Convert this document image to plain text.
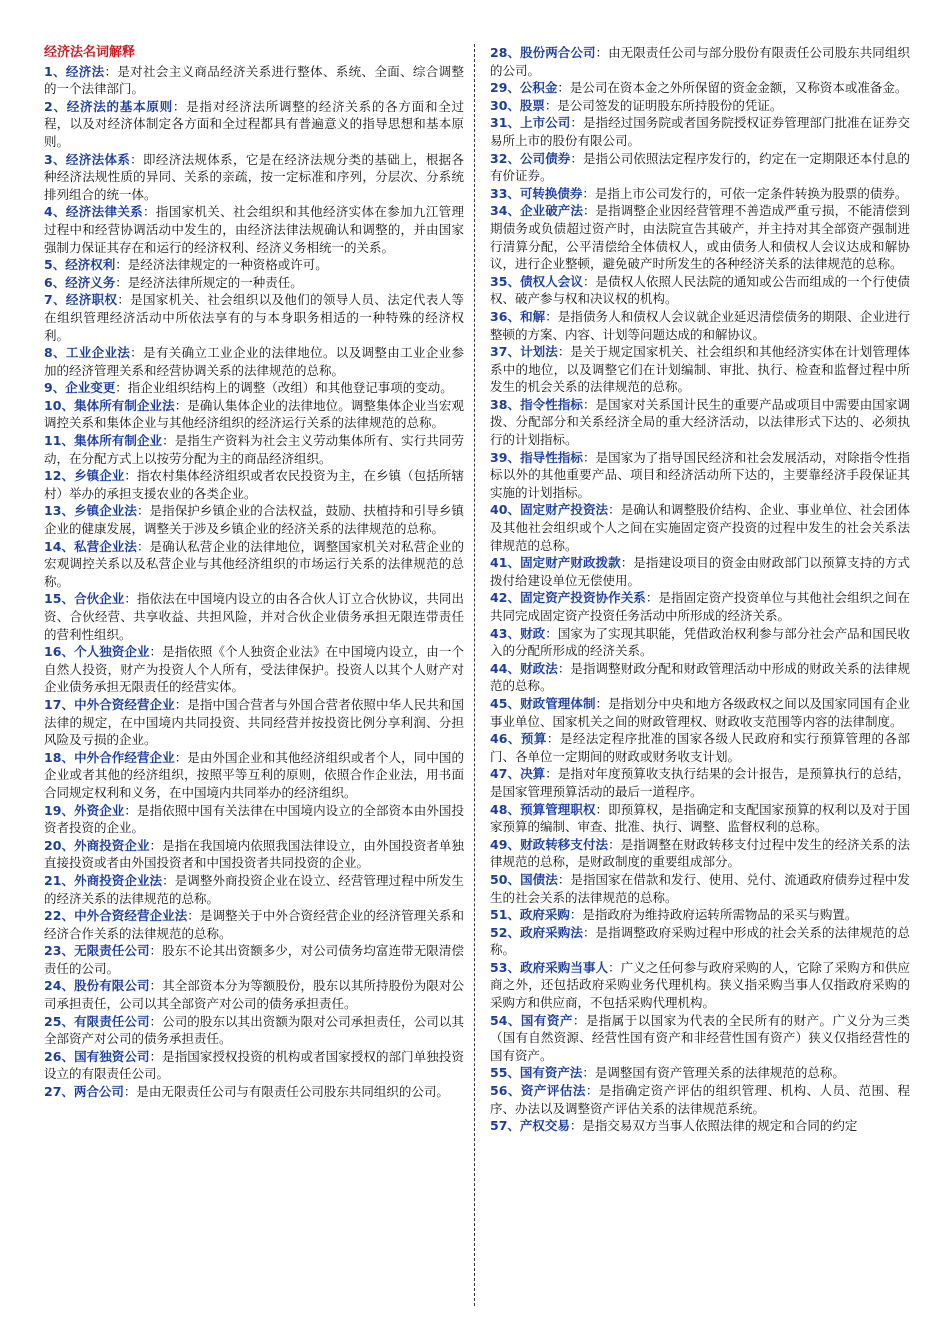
经济法名词解释

1、经济法：是对社会主义商品经济关系进行整体、系统、全面、综合调整的一个法律部门。

2、经济法的基本原则：是指对经济法所调整的经济关系的各方面和全过程，以及对经济体制定各方面和全过程都具有普遍意义的指导思想和基本原则。

3、经济法体系：即经济法规体系，它是在经济法规分类的基础上，根据各种经济法规性质的异同、关系的亲疏，按一定标准和序列，分层次、分系统排列组合的统一体。

4、经济法律关系：指国家机关、社会组织和其他经济实体在参加九江管理过程中和经营协调活动中发生的，由经济法律法规确认和调整的，并由国家强制力保证其存在和运行的经济权利、经济义务相统一的关系。

5、经济权利：是经济法律规定的一种资格或许可。

6、经济义务：是经济法律所规定的一种责任。

7、经济职权：是国家机关、社会组织以及他们的领导人员、法定代表人等在组织管理经济活动中所依法享有的与本身职务相适的一种特殊的经济权利。

8、工业企业法：是有关确立工业企业的法律地位。以及调整由工业企业参加的经济管理关系和经营协调关系的法律规范的总称。

9、企业变更：指企业组织结构上的调整（改组）和其他登记事项的变动。

10、集体所有制企业法：是确认集体企业的法律地位。调整集体企业当宏观调控关系和集体企业与其他经济组织的经济运行关系的法律规范的总称。

11、集体所有制企业：是指生产资料为社会主义劳动集体所有、实行共同劳动，在分配方式上以按劳分配为主的商品经济组织。

12、乡镇企业：指农村集体经济组织或者农民投资为主，在乡镇（包括所辖村）举办的承担支援农业的各类企业。

13、乡镇企业法：是指保护乡镇企业的合法权益，鼓励、扶植持和引导乡镇企业的健康发展，调整关于涉及乡镇企业的经济关系的法律规范的总称。

14、私营企业法：是确认私营企业的法律地位，调整国家机关对私营企业的宏观调控关系以及私营企业与其他经济组织的市场运行关系的法律规范的总称。

15、合伙企业：指依法在中国境内设立的由各合伙人订立合伙协议，共同出资、合伙经营、共享收益、共担风险，并对合伙企业债务承担无限连带责任的营利性组织。

16、个人独资企业：是指依照《个人独资企业法》在中国境内设立，由一个自然人投资，财产为投资人个人所有，受法律保护。投资人以其个人财产对企业债务承担无限责任的经营实体。

17、中外合资经营企业：是指中国合营者与外国合营者依照中华人民共和国法律的规定，在中国境内共同投资、共同经营并按投资比例分享利润、分担风险及亏损的企业。

18、中外合作经营企业：是由外国企业和其他经济组织或者个人，同中国的企业或者其他的经济组织，按照平等互利的原则，依照合作企业法，用书面合同规定权利和义务，在中国境内共同举办的经济组织。

19、外资企业：是指依照中国有关法律在中国境内设立的全部资本由外国投资者投资的企业。

20、外商投资企业：是指在我国境内依照我国法律设立，由外国投资者单独直接投资或者由外国投资者和中国投资者共同投资的企业。

21、外商投资企业法：是调整外商投资企业在设立、经营管理过程中所发生的经济关系的法律规范的总称。

22、中外合资经营企业法：是调整关于中外合资经营企业的经济管理关系和经济合作关系的法律规范的总称。

23、无限责任公司：股东不论其出资额多少，对公司债务均富连带无限清偿责任的公司。

24、股份有限公司：其全部资本分为等额股份，股东以其所持股份为限对公司承担责任，公司以其全部资产对公司的债务承担责任。

25、有限责任公司：公司的股东以其出资额为限对公司承担责任，公司以其全部资产对公司的债务承担责任。

26、国有独资公司：是指国家授权投资的机构或者国家授权的部门单独投资设立的有限责任公司。

27、两合公司：是由无限责任公司与有限责任公司股东共同组织的公司。

28、股份两合公司：由无限责任公司与部分股份有限责任公司股东共同组织的公司。

29、公积金：是公司在资本金之外所保留的资金金额，又称资本或准备金。

30、股票：是公司签发的证明股东所持股份的凭证。

31、上市公司：是指经过国务院或者国务院授权证券管理部门批准在证券交易所上市的股份有限公司。

32、公司债券：是指公司依照法定程序发行的，约定在一定期限还本付息的有价证券。

33、可转换债券：是指上市公司发行的，可依一定条件转换为股票的债券。

34、企业破产法：是指调整企业因经营管理不善造成严重亏损，不能清偿到期债务或负债超过资产时，由法院宣告其破产，并主持对其全部资产强制进行清算分配，公平清偿给全体债权人，或由债务人和债权人会议达成和解协议，进行企业整顿，避免破产时所发生的各种经济关系的法律规范的总称。

35、债权人会议：是债权人依照人民法院的通知或公告而组成的一个行使债权、破产参与权和决议权的机构。

36、和解：是指债务人和债权人会议就企业延迟清偿债务的期限、企业进行整顿的方案、内容、计划等问题达成的和解协议。

37、计划法：是关于规定国家机关、社会组织和其他经济实体在计划管理体系中的地位，以及调整它们在计划编制、审批、执行、检查和监督过程中所发生的机会关系的法律规范的总称。

38、指令性指标：是国家对关系国计民生的重要产品或项目中需要由国家调拨、分配部分和关系经济全局的重大经济活动，以法律形式下达的、必须执行的计划指标。

39、指导性指标：是国家为了指导国民经济和社会发展活动，对除指令性指标以外的其他重要产品、项目和经济活动所下达的，主要靠经济手段保证其实施的计划指标。

40、固定财产投资法：是确认和调整股价结构、企业、事业单位、社会团体及其他社会组织或个人之间在实施固定资产投资的过程中发生的社会关系法律规范的总称。

41、固定财产财政拨款：是指建设项目的资金由财政部门以预算支持的方式拨付给建设单位无偿使用。

42、固定资产投资协作关系：是指固定资产投资单位与其他社会组织之间在共同完成固定资产投资任务活动中所形成的经济关系。

43、财政：国家为了实现其职能，凭借政治权利参与部分社会产品和国民收入的分配所形成的经济关系。

44、财政法：是指调整财政分配和财政管理活动中形成的财政关系的法律规范的总称。

45、财政管理体制：是指划分中央和地方各级政权之间以及国家同国有企业事业单位、国家机关之间的财政管理权、财政收支范围等内容的法律制度。

46、预算：是经法定程序批准的国家各级人民政府和实行预算管理的各部门、各单位一定期间的财政或财务收支计划。

47、决算：是指对年度预算收支执行结果的会计报告，是预算执行的总结，是国家管理预算活动的最后一道程序。

48、预算管理职权：即预算权，是指确定和支配国家预算的权利以及对于国家预算的编制、审查、批准、执行、调整、监督权利的总称。

49、财政转移支付法：是指调整在财政转移支付过程中发生的经济关系的法律规范的总称，是财政制度的重要组成部分。

50、国债法：是指国家在借款和发行、使用、兑付、流通政府债券过程中发生的社会关系的法律规范的总称。

51、政府采购：是指政府为维持政府运转所需物品的采买与购置。

52、政府采购法：是指调整政府采购过程中形成的社会关系的法律规范的总称。

53、政府采购当事人：广义之任何参与政府采购的人，它除了采购方和供应商之外，还包括政府采购业务代理机构。狭义指采购当事人仅指政府采购的采购方和供应商，不包括采购代理机构。

54、国有资产：是指属于以国家为代表的全民所有的财产。广义分为三类（国有自然资源、经营性国有资产和非经营性国有资产）狭义仅指经营性的国有资产。

55、国有资产法：是调整国有资产管理关系的法律规范的总称。

56、资产评估法：是指确定资产评估的组织管理、机构、人员、范围、程序、办法以及调整资产评估关系的法律规范系统。

57、产权交易：是指交易双方当事人依照法律的规定和合同的约定
